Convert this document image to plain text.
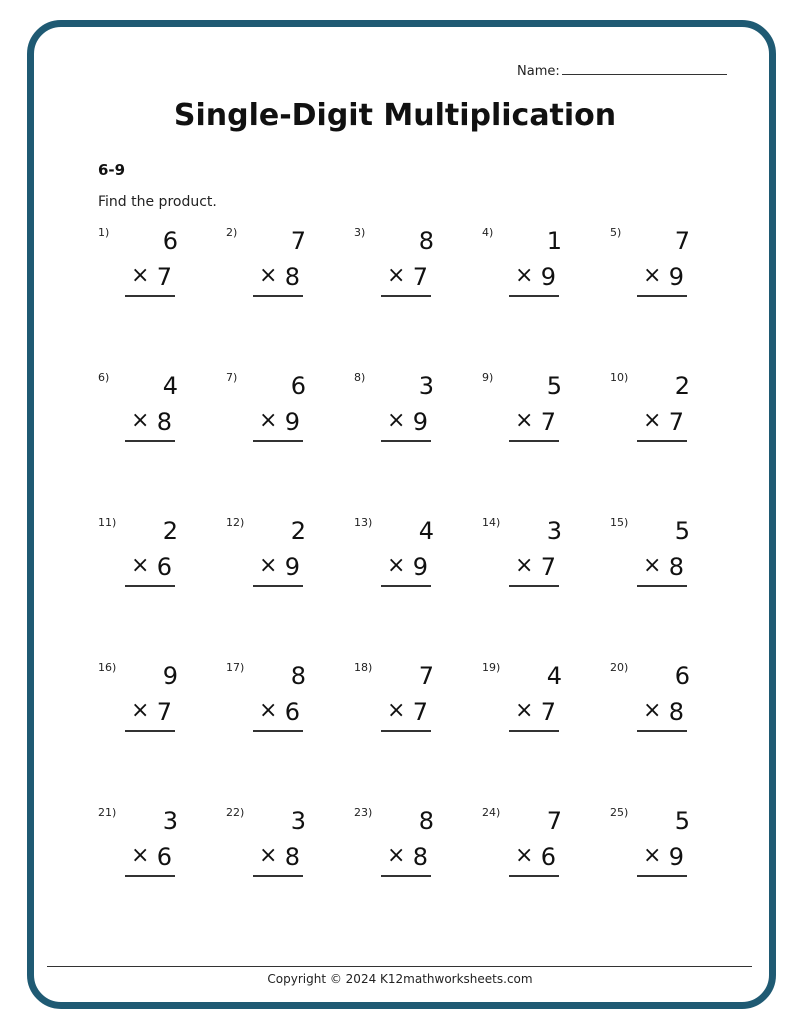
Name:
Single-Digit Multiplication
6-9
Find the product.
1) 6
× 7
2) 7
× 8
3) 8
× 7
4) 1
× 9
5) 7
× 9
6) 4
× 8
7) 6
× 9
8) 3
× 9
9) 5
× 7
10) 2
× 7
11) 2
× 6
12) 2
× 9
13) 4
× 9
14) 3
× 7
15) 5
× 8
16) 9
× 7
17) 8
× 6
18) 7
× 7
19) 4
× 7
20) 6
× 8
21) 3
× 6
22) 3
× 8
23) 8
× 8
24) 7
× 6
25) 5
× 9
Copyright © 2024 K12mathworksheets.com
